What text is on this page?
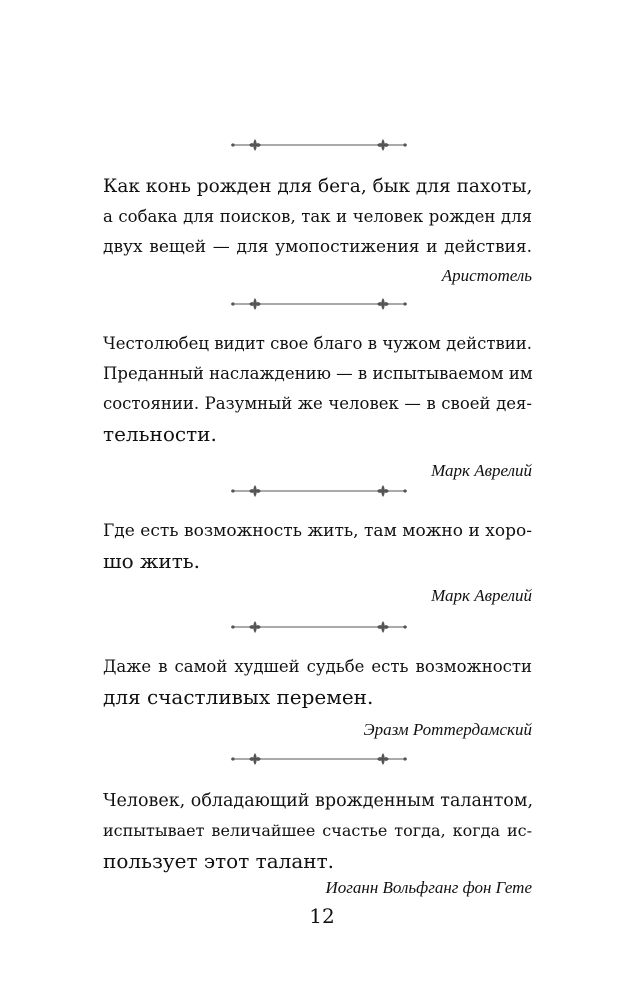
Как конь рожден для бега, бык для пахоты,
а собака для поисков, так и человек рожден для
двух вещей — для умопостижения и действия.
Аристотель
Честолюбец видит свое благо в чужом действии.
Преданный наслаждению — в испытываемом им
состоянии. Разумный же человек — в своей дея-
тельности.
Марк Аврелий
Где есть возможность жить, там можно и хоро-
шо жить.
Марк Аврелий
Даже в самой худшей судьбе есть возможности
для счастливых перемен.
Эразм Роттердамский
Человек, обладающий врожденным талантом,
испытывает величайшее счастье тогда, когда ис-
пользует этот талант.
Иоганн Вольфганг фон Гете
12
